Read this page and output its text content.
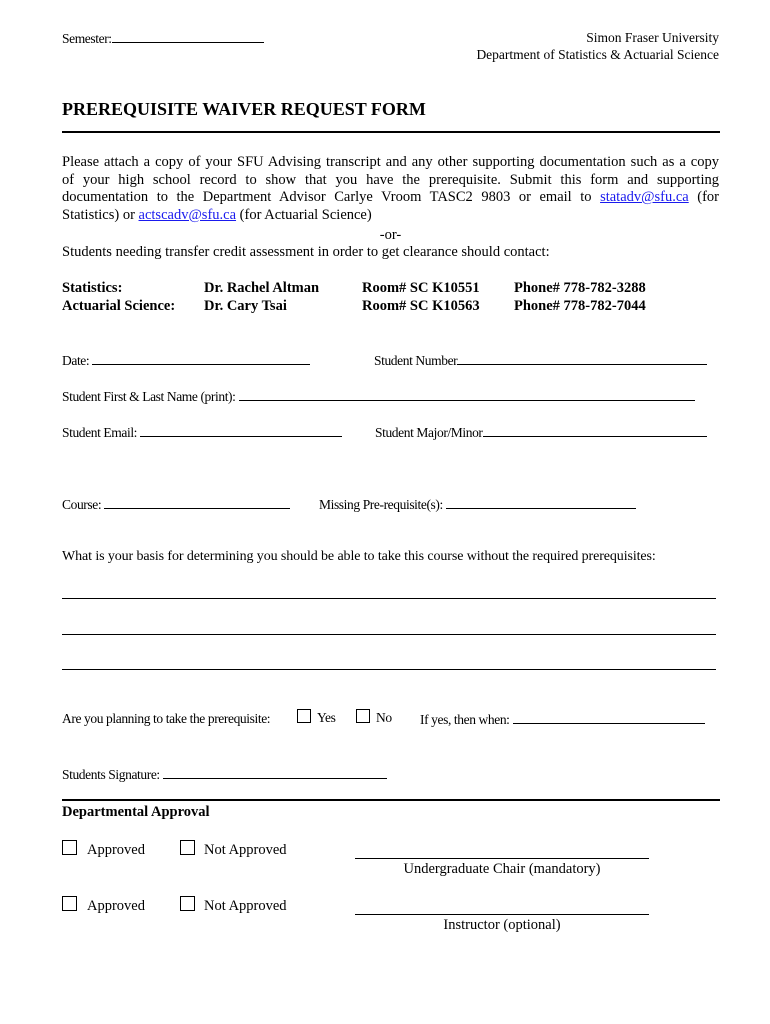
Semester:	Simon Fraser University
Department of Statistics & Actuarial Science
PREREQUISITE WAIVER REQUEST FORM
Please attach a copy of your SFU Advising transcript and any other supporting documentation such as a copy
of your high school record to show that you have the prerequisite. Submit this form and supporting
documentation to the Department Advisor Carlye Vroom TASC2 9803 or email to statadv@sfu.ca (for
Statistics) or actscadv@sfu.ca (for Actuarial Science)
-or-
Students needing transfer credit assessment in order to get clearance should contact:
Statistics:	Dr. Rachel Altman	Room# SC K10551 Phone# 778-782-3288
Actuarial Science: Dr. Cary Tsai	Room# SC K10563 Phone# 778-782-7044
Date:	Student Number
Student First & Last Name (print):
Student Email:	Student Major/Minor
Course:	Missing Pre-requisite(s):
What is your basis for determining you should be able to take this course without the required prerequisites:
Are you planning to take the prerequisite:	Yes	No If yes, then when:
Students Signature:
Departmental Approval
Approved	Not Approved
Undergraduate Chair (mandatory)
Approved	Not Approved
Instructor (optional)
